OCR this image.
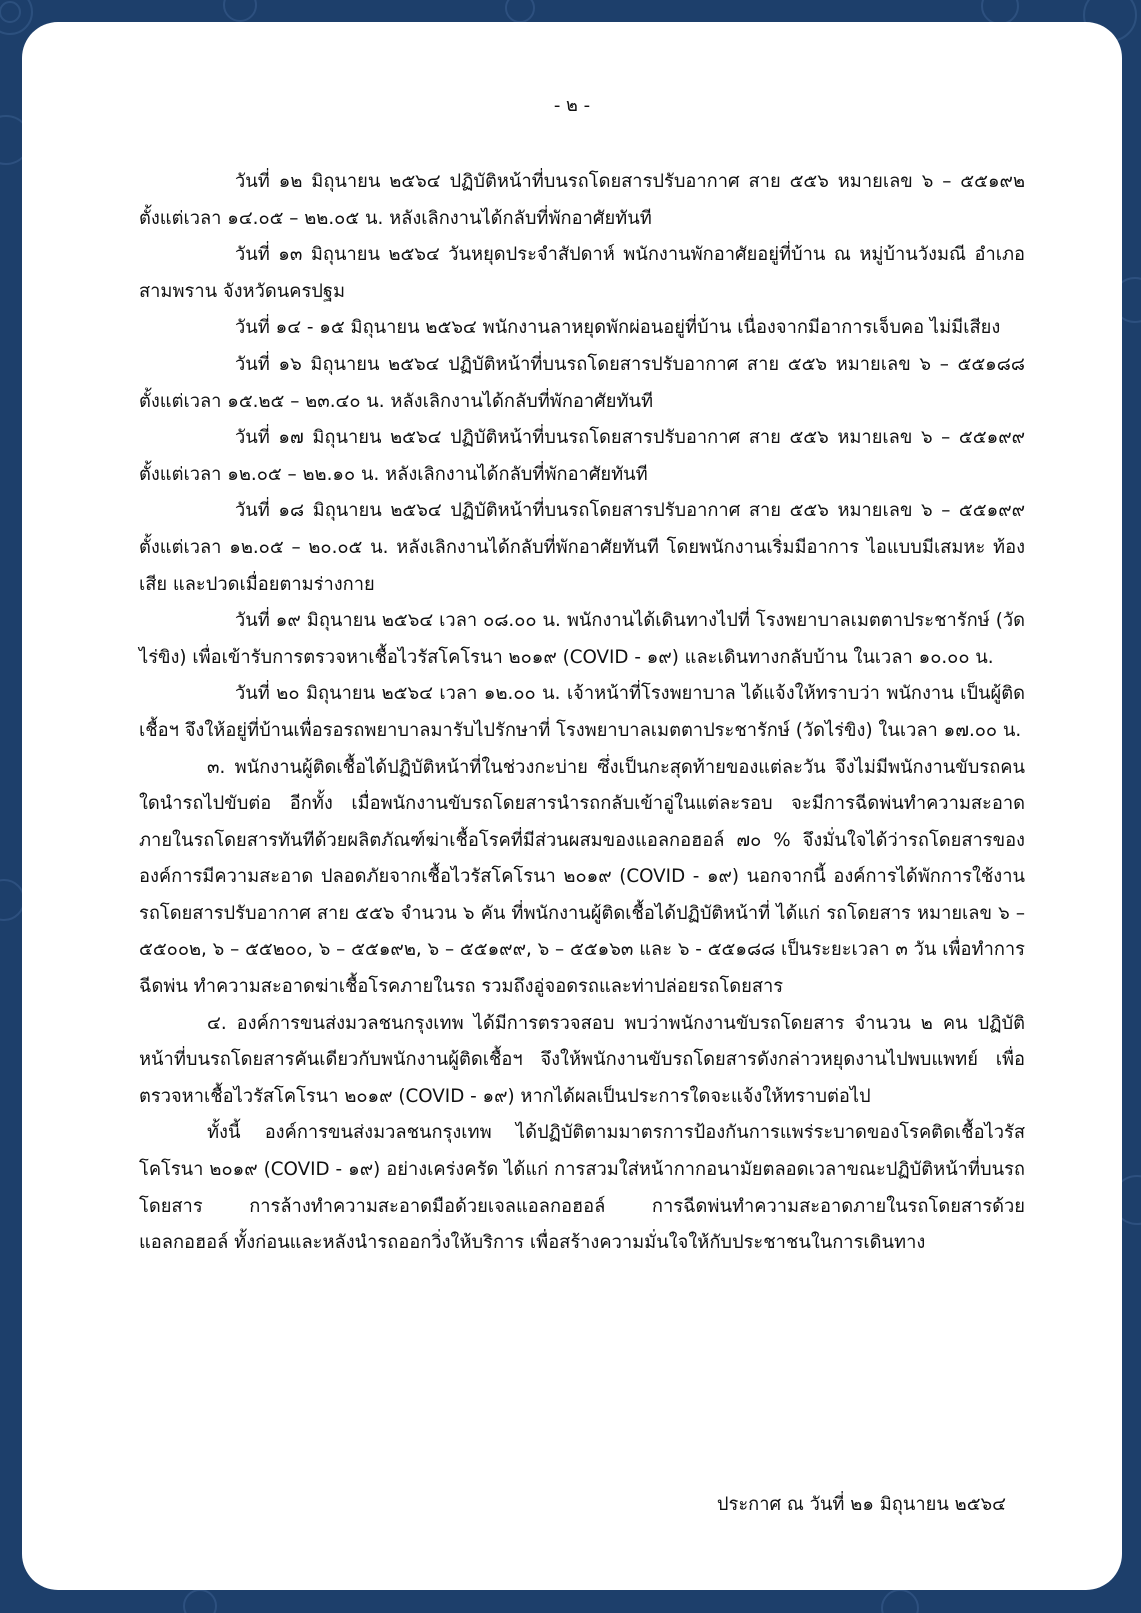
- ๒ -

วันที่ ๑๒ มิถุนายน ๒๕๖๔ ปฏิบัติหน้าที่บนรถโดยสารปรับอากาศ สาย ๕๕๖ หมายเลข ๖ – ๕๕๑๙๒ ตั้งแต่เวลา ๑๔.๐๕ – ๒๒.๐๕ น. หลังเลิกงานได้กลับที่พักอาศัยทันที

วันที่ ๑๓ มิถุนายน ๒๕๖๔ วันหยุดประจำสัปดาห์ พนักงานพักอาศัยอยู่ที่บ้าน ณ หมู่บ้านวังมณี อำเภอสามพราน จังหวัดนครปฐม

วันที่ ๑๔ - ๑๕ มิถุนายน ๒๕๖๔ พนักงานลาหยุดพักผ่อนอยู่ที่บ้าน เนื่องจากมีอาการเจ็บคอ ไม่มีเสียง

วันที่ ๑๖ มิถุนายน ๒๕๖๔ ปฏิบัติหน้าที่บนรถโดยสารปรับอากาศ สาย ๕๕๖ หมายเลข ๖ – ๕๕๑๘๘ ตั้งแต่เวลา ๑๕.๒๕ – ๒๓.๔๐ น. หลังเลิกงานได้กลับที่พักอาศัยทันที

วันที่ ๑๗ มิถุนายน ๒๕๖๔ ปฏิบัติหน้าที่บนรถโดยสารปรับอากาศ สาย ๕๕๖ หมายเลข ๖ – ๕๕๑๙๙ ตั้งแต่เวลา ๑๒.๐๕ – ๒๒.๑๐ น. หลังเลิกงานได้กลับที่พักอาศัยทันที

วันที่ ๑๘ มิถุนายน ๒๕๖๔ ปฏิบัติหน้าที่บนรถโดยสารปรับอากาศ สาย ๕๕๖ หมายเลข ๖ – ๕๕๑๙๙ ตั้งแต่เวลา ๑๒.๐๕ – ๒๐.๐๕ น. หลังเลิกงานได้กลับที่พักอาศัยทันที โดยพนักงานเริ่มมีอาการ ไอแบบมีเสมหะ ท้องเสีย และปวดเมื่อยตามร่างกาย

วันที่ ๑๙ มิถุนายน ๒๕๖๔ เวลา ๐๘.๐๐ น. พนักงานได้เดินทางไปที่ โรงพยาบาลเมตตาประชารักษ์ (วัดไร่ขิง) เพื่อเข้ารับการตรวจหาเชื้อไวรัสโคโรนา ๒๐๑๙ (COVID - ๑๙) และเดินทางกลับบ้าน ในเวลา ๑๐.๐๐ น.

วันที่ ๒๐ มิถุนายน ๒๕๖๔ เวลา ๑๒.๐๐ น. เจ้าหน้าที่โรงพยาบาล ได้แจ้งให้ทราบว่า พนักงาน เป็นผู้ติดเชื้อฯ จึงให้อยู่ที่บ้านเพื่อรอรถพยาบาลมารับไปรักษาที่ โรงพยาบาลเมตตาประชารักษ์ (วัดไร่ขิง) ในเวลา ๑๗.๐๐ น.

๓. พนักงานผู้ติดเชื้อได้ปฏิบัติหน้าที่ในช่วงกะบ่าย ซึ่งเป็นกะสุดท้ายของแต่ละวัน จึงไม่มีพนักงานขับรถคนใดนำรถไปขับต่อ อีกทั้ง เมื่อพนักงานขับรถโดยสารนำรถกลับเข้าอู่ในแต่ละรอบ จะมีการฉีดพ่นทำความสะอาดภายในรถโดยสารทันทีด้วยผลิตภัณฑ์ฆ่าเชื้อโรคที่มีส่วนผสมของแอลกอฮอล์ ๗๐ % จึงมั่นใจได้ว่ารถโดยสารขององค์การมีความสะอาด ปลอดภัยจากเชื้อไวรัสโคโรนา ๒๐๑๙ (COVID - ๑๙) นอกจากนี้ องค์การได้พักการใช้งานรถโดยสารปรับอากาศ สาย ๕๕๖ จำนวน ๖ คัน ที่พนักงานผู้ติดเชื้อได้ปฏิบัติหน้าที่ ได้แก่ รถโดยสาร หมายเลข ๖ – ๕๕๐๐๒, ๖ – ๕๕๒๐๐, ๖ – ๕๕๑๙๒, ๖ – ๕๕๑๙๙, ๖ – ๕๕๑๖๓ และ ๖ - ๕๕๑๘๘ เป็นระยะเวลา ๓ วัน เพื่อทำการฉีดพ่น ทำความสะอาดฆ่าเชื้อโรคภายในรถ รวมถึงอู่จอดรถและท่าปล่อยรถโดยสาร

๔. องค์การขนส่งมวลชนกรุงเทพ ได้มีการตรวจสอบ พบว่าพนักงานขับรถโดยสาร จำนวน ๒ คน ปฏิบัติหน้าที่บนรถโดยสารคันเดียวกับพนักงานผู้ติดเชื้อฯ จึงให้พนักงานขับรถโดยสารดังกล่าวหยุดงานไปพบแพทย์ เพื่อตรวจหาเชื้อไวรัสโคโรนา ๒๐๑๙ (COVID - ๑๙) หากได้ผลเป็นประการใดจะแจ้งให้ทราบต่อไป

ทั้งนี้ องค์การขนส่งมวลชนกรุงเทพ ได้ปฏิบัติตามมาตรการป้องกันการแพร่ระบาดของโรคติดเชื้อไวรัสโคโรนา ๒๐๑๙ (COVID - ๑๙) อย่างเคร่งครัด ได้แก่ การสวมใส่หน้ากากอนามัยตลอดเวลาขณะปฏิบัติหน้าที่บนรถโดยสาร การล้างทำความสะอาดมือด้วยเจลแอลกอฮอล์ การฉีดพ่นทำความสะอาดภายในรถโดยสารด้วยแอลกอฮอล์ ทั้งก่อนและหลังนำรถออกวิ่งให้บริการ เพื่อสร้างความมั่นใจให้กับประชาชนในการเดินทาง

ประกาศ ณ วันที่ ๒๑ มิถุนายน ๒๕๖๔
